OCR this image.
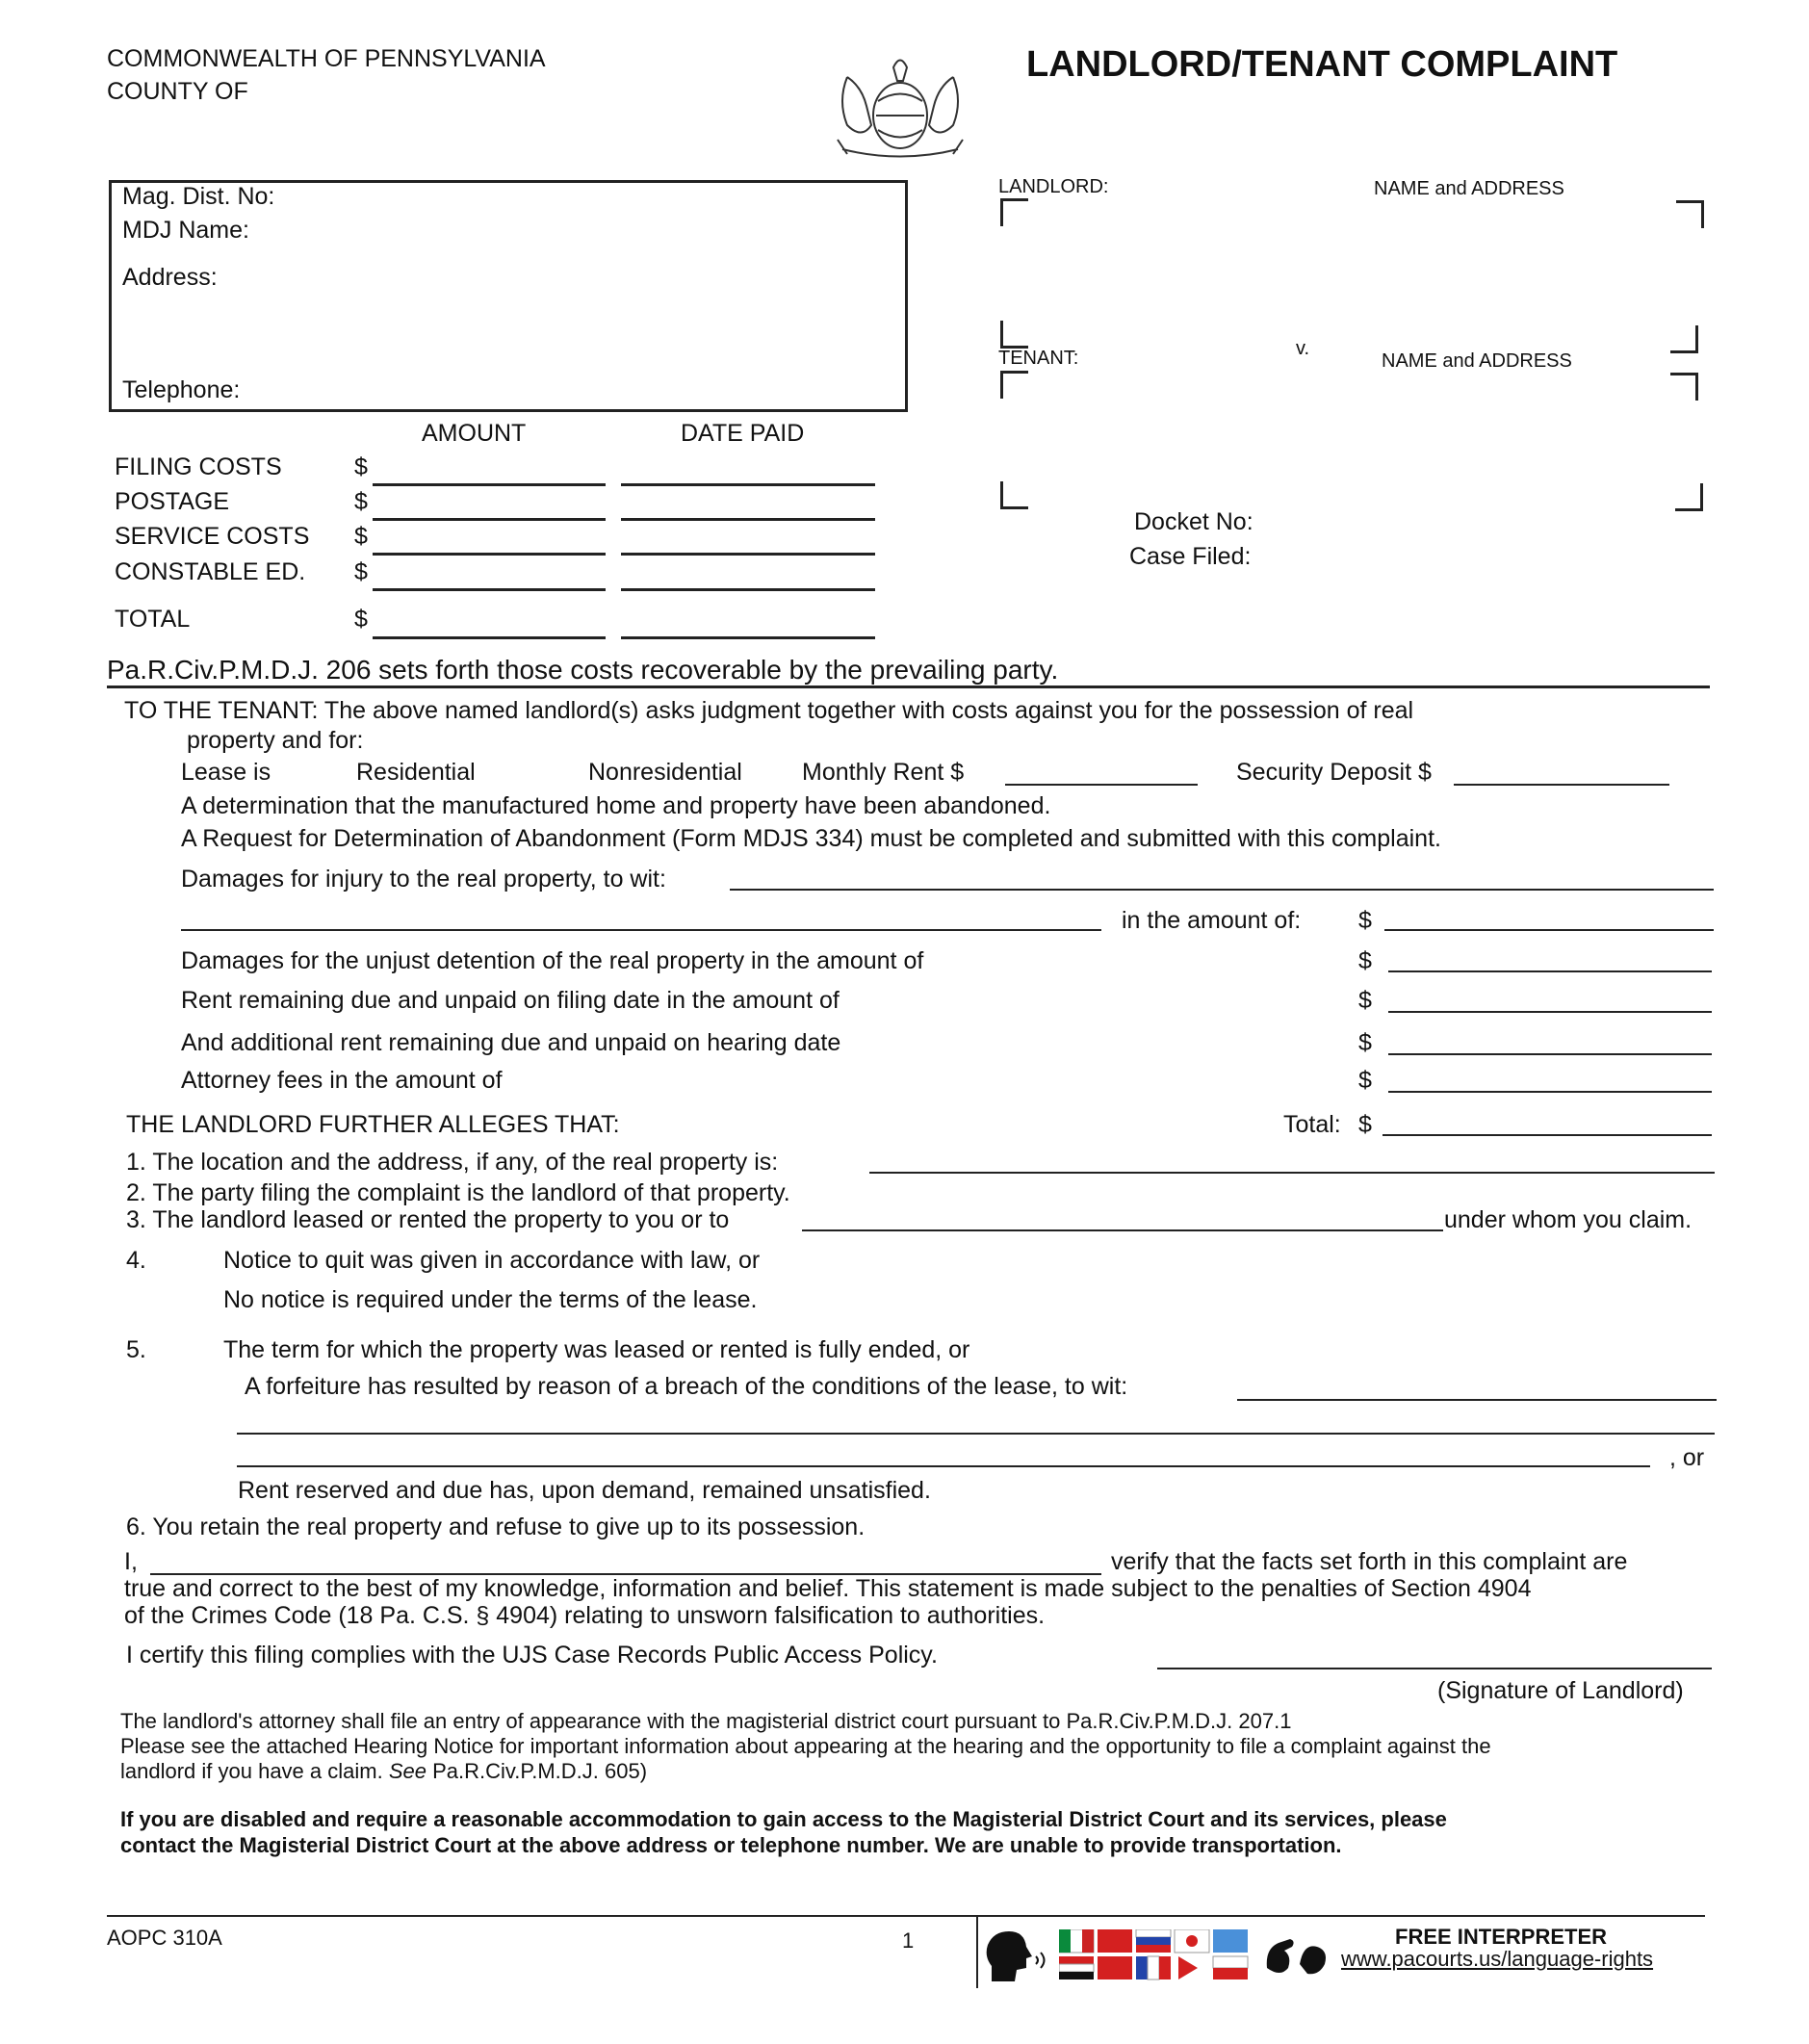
COMMONWEALTH OF PENNSYLVANIA
COUNTY OF
LANDLORD/TENANT COMPLAINT
Mag. Dist. No:
MDJ Name:
Address:
Telephone:
LANDLORD:	NAME and ADDRESS
v.
TENANT:	NAME and ADDRESS
Docket No:
Case Filed:
AMOUNT	DATE PAID
FILING COSTS	$
POSTAGE	$
SERVICE COSTS $
CONSTABLE ED. $
TOTAL	$
Pa.R.Civ.P.M.D.J. 206 sets forth those costs recoverable by the prevailing party.
TO THE TENANT: The above named landlord(s) asks judgment together with costs against you for the possession of real
property and for:
Lease is	Residential	Nonresidential Monthly Rent $	Security Deposit $
A determination that the manufactured home and property have been abandoned.
A Request for Determination of Abandonment (Form MDJS 334) must be completed and submitted with this complaint.
Damages for injury to the real property, to wit:
in the amount of: $
Damages for the unjust detention of the real property in the amount of	$
Rent remaining due and unpaid on filing date in the amount of	$
And additional rent remaining due and unpaid on hearing date	$
Attorney fees in the amount of	$
THE LANDLORD FURTHER ALLEGES THAT:	Total: $
1. The location and the address, if any, of the real property is:
2. The party filing the complaint is the landlord of that property.
3. The landlord leased or rented the property to you or to	under whom you claim.
4.	Notice to quit was given in accordance with law, or
No notice is required under the terms of the lease.
5.	The term for which the property was leased or rented is fully ended, or
A forfeiture has resulted by reason of a breach of the conditions of the lease, to wit:
, or
Rent reserved and due has, upon demand, remained unsatisfied.
6. You retain the real property and refuse to give up to its possession.
I,	verify that the facts set forth in this complaint are
true and correct to the best of my knowledge, information and belief. This statement is made subject to the penalties of Section 4904
of the Crimes Code (18 Pa. C.S. § 4904) relating to unsworn falsification to authorities.
I certify this filing complies with the UJS Case Records Public Access Policy.
(Signature of Landlord)
The landlord's attorney shall file an entry of appearance with the magisterial district court pursuant to Pa.R.Civ.P.M.D.J. 207.1
Please see the attached Hearing Notice for important information about appearing at the hearing and the opportunity to file a complaint against the
landlord if you have a claim. See Pa.R.Civ.P.M.D.J. 605)
If you are disabled and require a reasonable accommodation to gain access to the Magisterial District Court and its services, please
contact the Magisterial District Court at the above address or telephone number. We are unable to provide transportation.
AOPC 310A	1	FREE INTERPRETER
www.pacourts.us/language-rights
